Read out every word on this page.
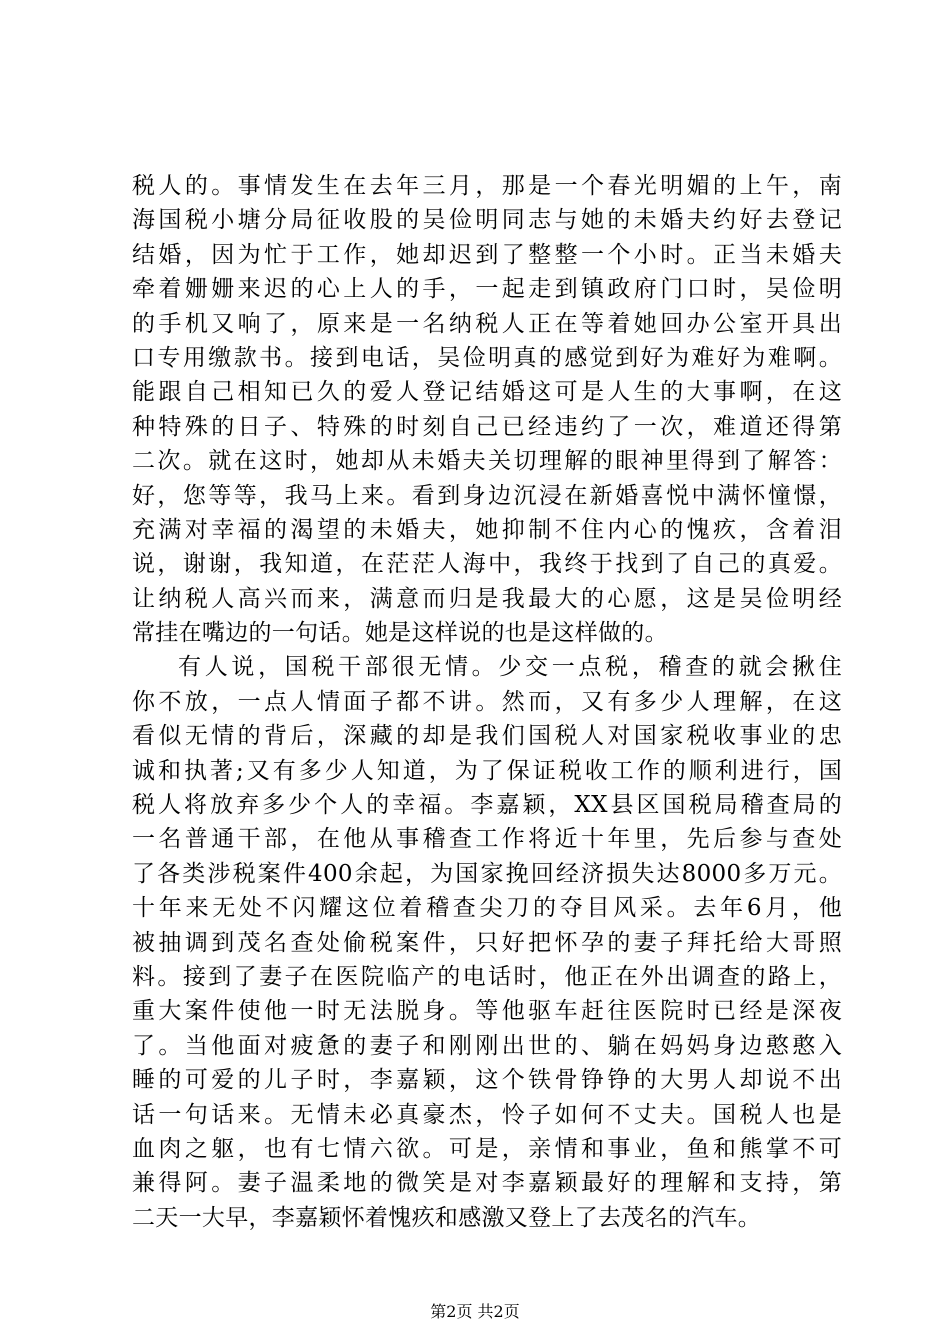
税人的。事情发生在去年三月，那是一个春光明媚的上午，南
海国税小塘分局征收股的吴俭明同志与她的未婚夫约好去登记
结婚，因为忙于工作，她却迟到了整整一个小时。正当未婚夫
牵着姗姗来迟的心上人的手，一起走到镇政府门口时，吴俭明
的手机又响了，原来是一名纳税人正在等着她回办公室开具出
口专用缴款书。接到电话，吴俭明真的感觉到好为难好为难啊。
能跟自己相知已久的爱人登记结婚这可是人生的大事啊，在这
种特殊的日子、特殊的时刻自己已经违约了一次，难道还得第
二次。就在这时，她却从未婚夫关切理解的眼神里得到了解答：
好，您等等，我马上来。看到身边沉浸在新婚喜悦中满怀憧憬，
充满对幸福的渴望的未婚夫，她抑制不住内心的愧疚，含着泪
说，谢谢，我知道，在茫茫人海中，我终于找到了自己的真爱。
让纳税人高兴而来，满意而归是我最大的心愿，这是吴俭明经
常挂在嘴边的一句话。她是这样说的也是这样做的。
有人说，国税干部很无情。少交一点税，稽查的就会揪住
你不放，一点人情面子都不讲。然而，又有多少人理解，在这
看似无情的背后，深藏的却是我们国税人对国家税收事业的忠
诚和执著;又有多少人知道，为了保证税收工作的顺利进行，国
税人将放弃多少个人的幸福。李嘉颖，XX县区国税局稽查局的
一名普通干部，在他从事稽查工作将近十年里，先后参与查处
了各类涉税案件400余起，为国家挽回经济损失达8000多万元。
十年来无处不闪耀这位着稽查尖刀的夺目风采。去年6月，他
被抽调到茂名查处偷税案件，只好把怀孕的妻子拜托给大哥照
料。接到了妻子在医院临产的电话时，他正在外出调查的路上，
重大案件使他一时无法脱身。等他驱车赶往医院时已经是深夜
了。当他面对疲惫的妻子和刚刚出世的、躺在妈妈身边憨憨入
睡的可爱的儿子时，李嘉颖，这个铁骨铮铮的大男人却说不出
话一句话来。无情未必真豪杰，怜子如何不丈夫。国税人也是
血肉之躯，也有七情六欲。可是，亲情和事业，鱼和熊掌不可
兼得阿。妻子温柔地的微笑是对李嘉颖最好的理解和支持，第
二天一大早，李嘉颖怀着愧疚和感激又登上了去茂名的汽车。
第2页 共2页
